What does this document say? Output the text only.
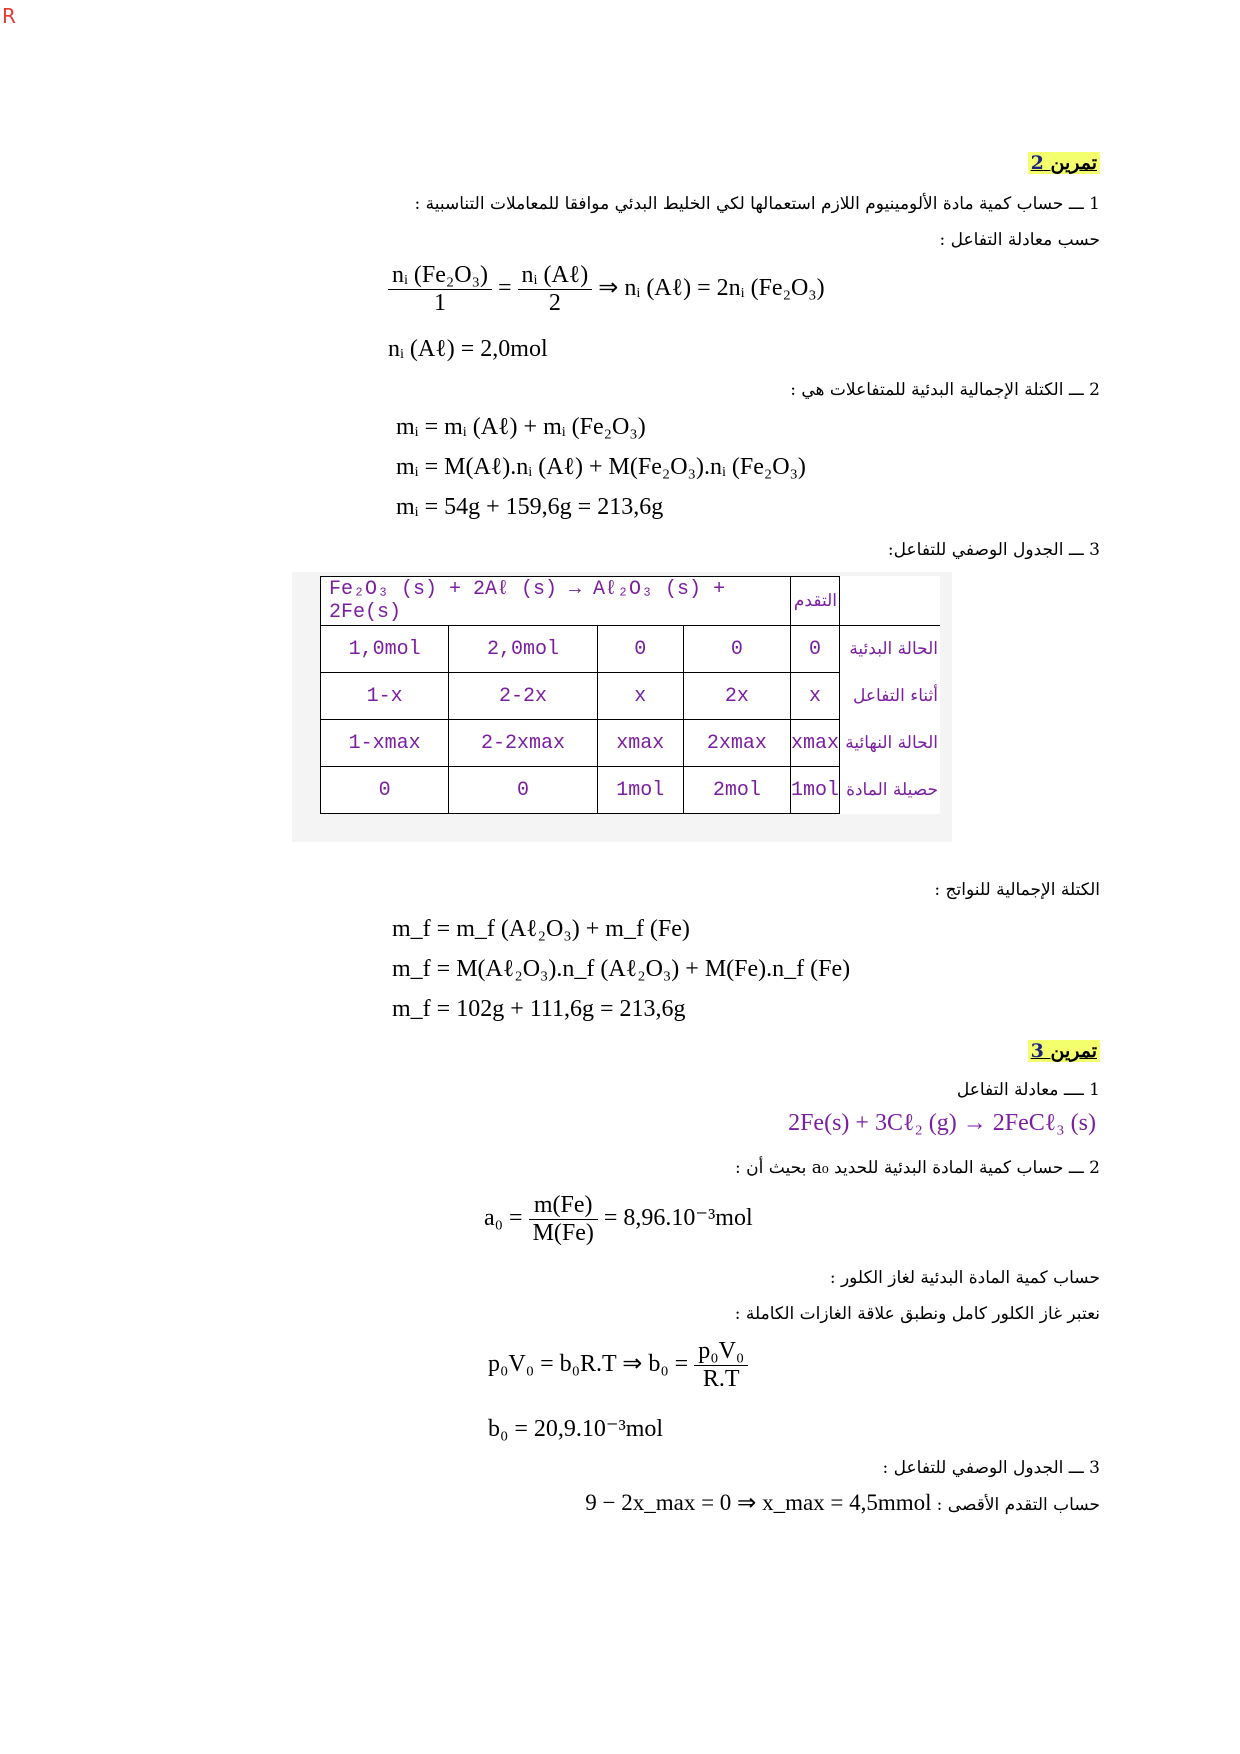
R
تمرين 2
1 ـــ حساب كمية مادة الألومينيوم اللازم استعمالها لكي الخليط البدئي موافقا للمعاملات التناسبية :
حسب معادلة التفاعل :
$\frac{\text{nᵢ (Fe₂O₃)}}{1} = \frac{\text{nᵢ (Aℓ)}}{2}$ ⇒ nᵢ (Aℓ) = 2nᵢ (Fe₂O₃)
nᵢ (Aℓ) = 2,0mol
2 ـــ الكتلة الإجمالية البدئية للمتفاعلات هي :
mᵢ = mᵢ (Aℓ) + mᵢ (Fe₂O₃)
mᵢ = M(Aℓ).nᵢ (Aℓ) + M(Fe₂O₃).nᵢ (Fe₂O₃)
mᵢ = 54g + 159,6g = 213,6g
3 ـــ الجدول الوصفي للتفاعل:
Fe₂O₃ (s) + 2Aℓ (s) → Aℓ₂O₃ (s) + 2Fe(s)				التقدم	
1,0mol	2,0mol	0	0	0	الحالة البدئية
1-x	2-2x	x	2x	x	أثناء التفاعل
1-xmax	2-2xmax	xmax	2xmax	xmax	الحالة النهائية
0	0	1mol	2mol	1mol	حصيلة المادة
الكتلة الإجمالية للنواتج :
m_f = m_f (Aℓ₂O₃) + m_f (Fe)
m_f = M(Aℓ₂O₃).n_f (Aℓ₂O₃) + M(Fe).n_f (Fe)
m_f = 102g + 111,6g = 213,6g
تمرين 3
1 ــــ معادلة التفاعل
2Fe(s) + 3Cℓ₂ (g) → 2FeCℓ₃ (s)
2 ـــ حساب كمية المادة البدئية للحديد a₀ بحيث أن :
$a_0 = \frac{m(Fe)}{M(Fe)} = 8,96.10^{-3}mol$
حساب كمية المادة البدئية لغاز الكلور :
نعتبر غاز الكلور كامل ونطبق علاقة الغازات الكاملة :
p₀V₀ = b₀R.T ⇒ $b_0 = \frac{\text{p₀V₀}}{R.T}$
b₀ = 20,9.10⁻³mol
3 ـــ الجدول الوصفي للتفاعل :
9 − 2x_max = 0 ⇒ x_max = 4,5mmol حساب التقدم الأقصى :
